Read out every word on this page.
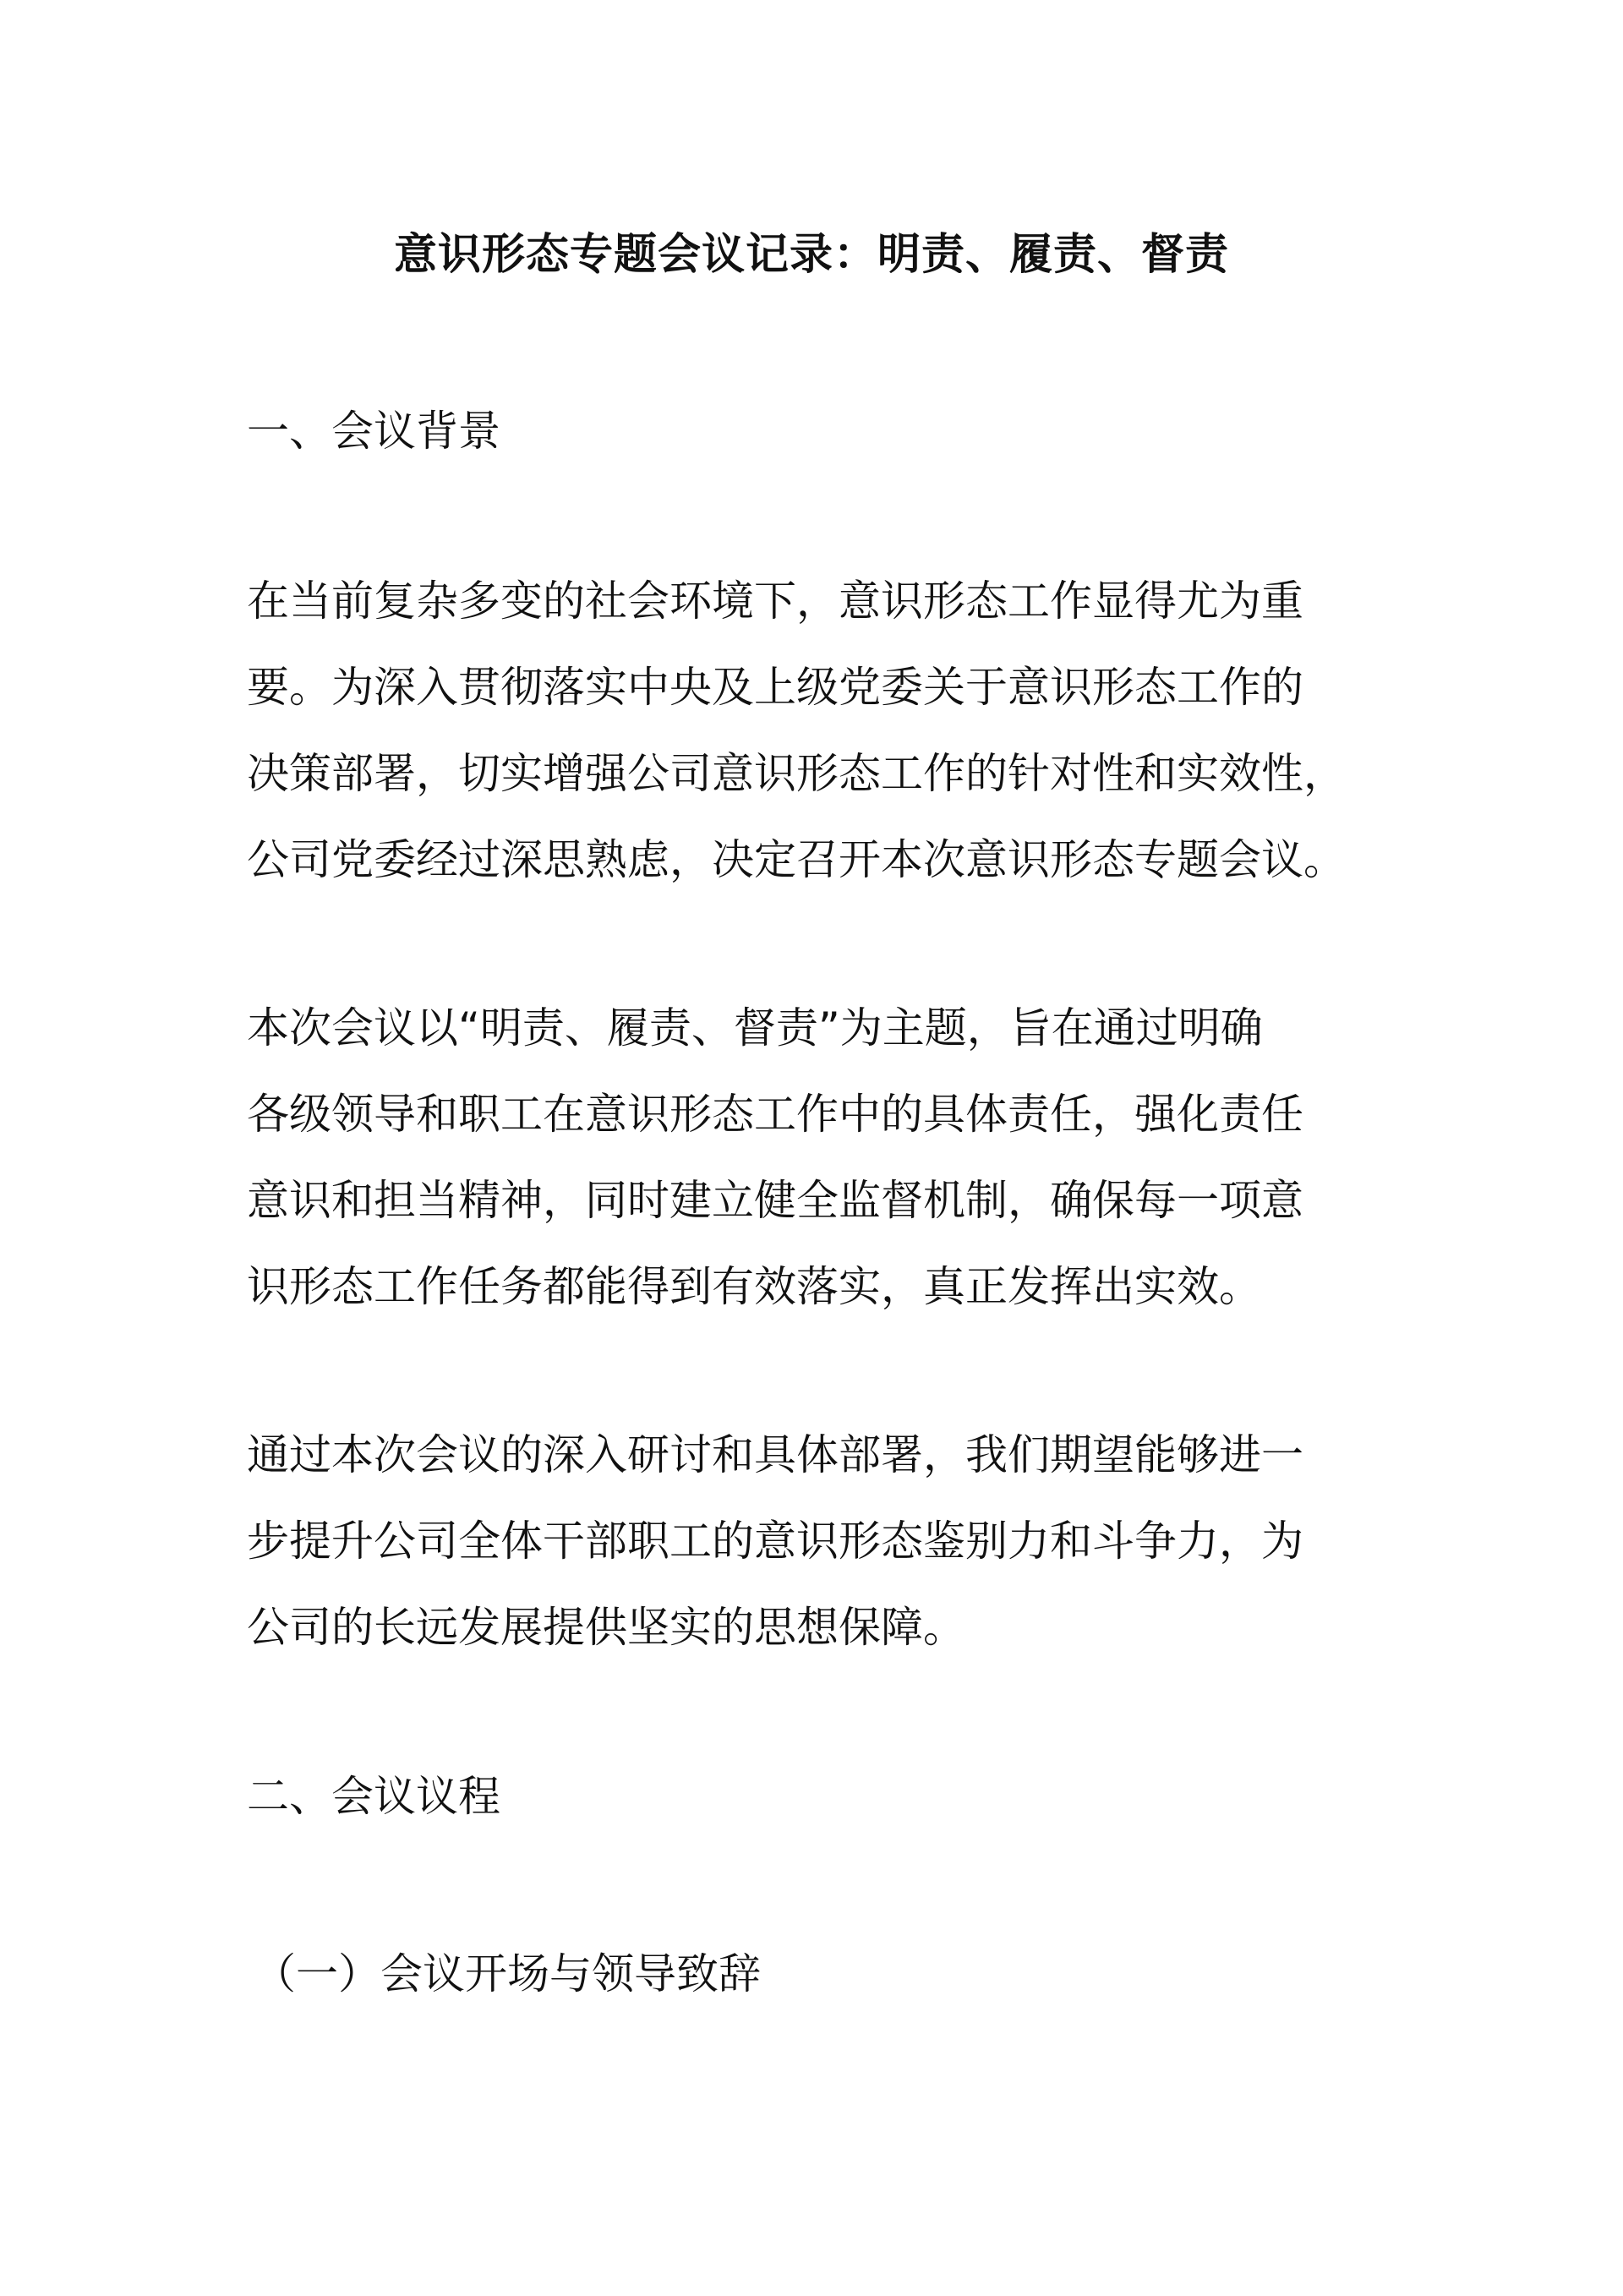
意识形态专题会议记录：明责、履责、督责
一、会议背景
在当前复杂多变的社会环境下，意识形态工作显得尤为重
要。为深入贯彻落实中央及上级党委关于意识形态工作的
决策部署，切实增强公司意识形态工作的针对性和实效性，
公司党委经过深思熟虑，决定召开本次意识形态专题会议。
本次会议以“明责、履责、督责”为主题，旨在通过明确
各级领导和职工在意识形态工作中的具体责任，强化责任
意识和担当精神，同时建立健全监督机制，确保每一项意
识形态工作任务都能得到有效落实，真正发挥出实效。
通过本次会议的深入研讨和具体部署，我们期望能够进一
步提升公司全体干部职工的意识形态鉴别力和斗争力，为
公司的长远发展提供坚实的思想保障。
二、会议议程
（一）会议开场与领导致辞
